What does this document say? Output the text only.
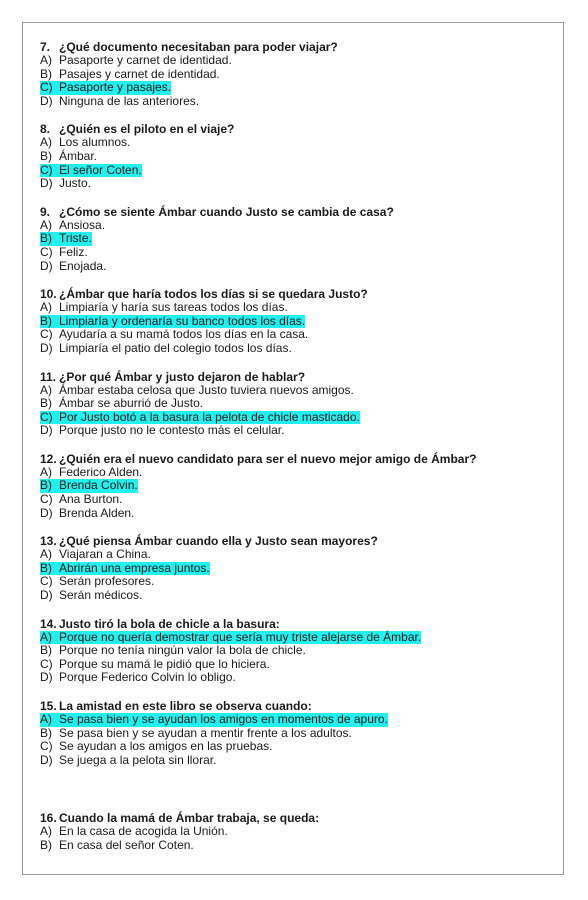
7. ¿Qué documento necesitaban para poder viajar?
A) Pasaporte y carnet de identidad.
B) Pasajes y carnet de identidad.
C) Pasaporte y pasajes.
D) Ninguna de las anteriores.
8. ¿Quién es el piloto en el viaje?
A) Los alumnos.
B) Ámbar.
C) El señor Coten.
D) Justo.
9. ¿Cómo se siente Ámbar cuando Justo se cambia de casa?
A) Ansiosa.
B) Triste.
C) Feliz.
D) Enojada.
10. ¿Ámbar que haría todos los días si se quedara Justo?
A) Limpiaría y haría sus tareas todos los días.
B) Limpiaría y ordenaría su banco todos los días.
C) Ayudaría a su mamá todos los días en la casa.
D) Limpiaría el patio del colegio todos los días.
11. ¿Por qué Ámbar y justo dejaron de hablar?
A) Ámbar estaba celosa que Justo tuviera nuevos amigos.
B) Ámbar se aburrió de Justo.
C) Por Justo botó a la basura la pelota de chicle masticado.
D) Porque justo no le contesto más el celular.
12. ¿Quién era el nuevo candidato para ser el nuevo mejor amigo de Ámbar?
A) Federico Alden.
B) Brenda Colvin.
C) Ana Burton.
D) Brenda Alden.
13. ¿Qué piensa Ámbar cuando ella y Justo sean mayores?
A) Viajaran a China.
B) Abrirán una empresa juntos.
C) Serán profesores.
D) Serán médicos.
14. Justo tiró la bola de chicle a la basura:
A) Porque no quería demostrar que sería muy triste alejarse de Ámbar.
B) Porque no tenía ningún valor la bola de chicle.
C) Porque su mamá le pidió que lo hiciera.
D) Porque Federico Colvin lo obligo.
15. La amistad en este libro se observa cuando:
A) Se pasa bien y se ayudan los amigos en momentos de apuro.
B) Se pasa bien y se ayudan a mentir frente a los adultos.
C) Se ayudan a los amigos en las pruebas.
D) Se juega a la pelota sin llorar.
16. Cuando la mamá de Ámbar trabaja, se queda:
A) En la casa de acogida la Unión.
B) En casa del señor Coten.
